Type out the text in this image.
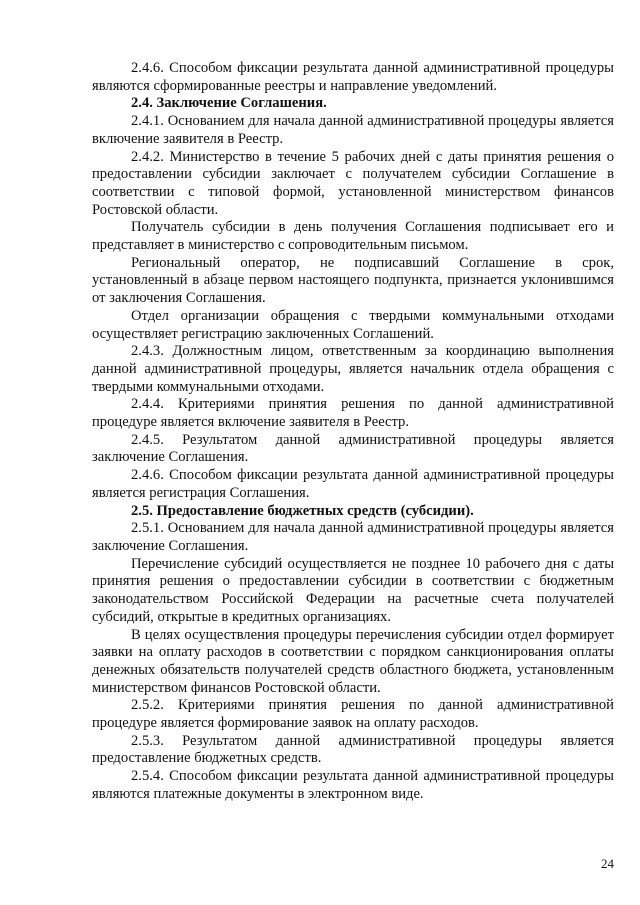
2.4.6. Способом фиксации результата данной административной процедуры являются сформированные реестры и направление уведомлений.

2.4. Заключение Соглашения.

2.4.1. Основанием для начала данной административной процедуры является включение заявителя в Реестр.

2.4.2. Министерство в течение 5 рабочих дней с даты принятия решения о предоставлении субсидии заключает с получателем субсидии Соглашение в соответствии с типовой формой, установленной министерством финансов Ростовской области.

Получатель субсидии в день получения Соглашения подписывает его и представляет в министерство с сопроводительным письмом.

Региональный оператор, не подписавший Соглашение в срок, установленный в абзаце первом настоящего подпункта, признается уклонившимся от заключения Соглашения.

Отдел организации обращения с твердыми коммунальными отходами осуществляет регистрацию заключенных Соглашений.

2.4.3. Должностным лицом, ответственным за координацию выполнения данной административной процедуры, является начальник отдела обращения с твердыми коммунальными отходами.

2.4.4. Критериями принятия решения по данной административной процедуре является включение заявителя в Реестр.

2.4.5. Результатом данной административной процедуры является заключение Соглашения.

2.4.6. Способом фиксации результата данной административной процедуры является регистрация Соглашения.

2.5. Предоставление бюджетных средств (субсидии).

2.5.1. Основанием для начала данной административной процедуры является заключение Соглашения.

Перечисление субсидий осуществляется не позднее 10 рабочего дня с даты принятия решения о предоставлении субсидии в соответствии с бюджетным законодательством Российской Федерации на расчетные счета получателей субсидий, открытые в кредитных организациях.

В целях осуществления процедуры перечисления субсидии отдел формирует заявки на оплату расходов в соответствии с порядком санкционирования оплаты денежных обязательств получателей средств областного бюджета, установленным министерством финансов Ростовской области.

2.5.2. Критериями принятия решения по данной административной процедуре является формирование заявок на оплату расходов.

2.5.3. Результатом данной административной процедуры является предоставление бюджетных средств.

2.5.4. Способом фиксации результата данной административной процедуры являются платежные документы в электронном виде.

24
